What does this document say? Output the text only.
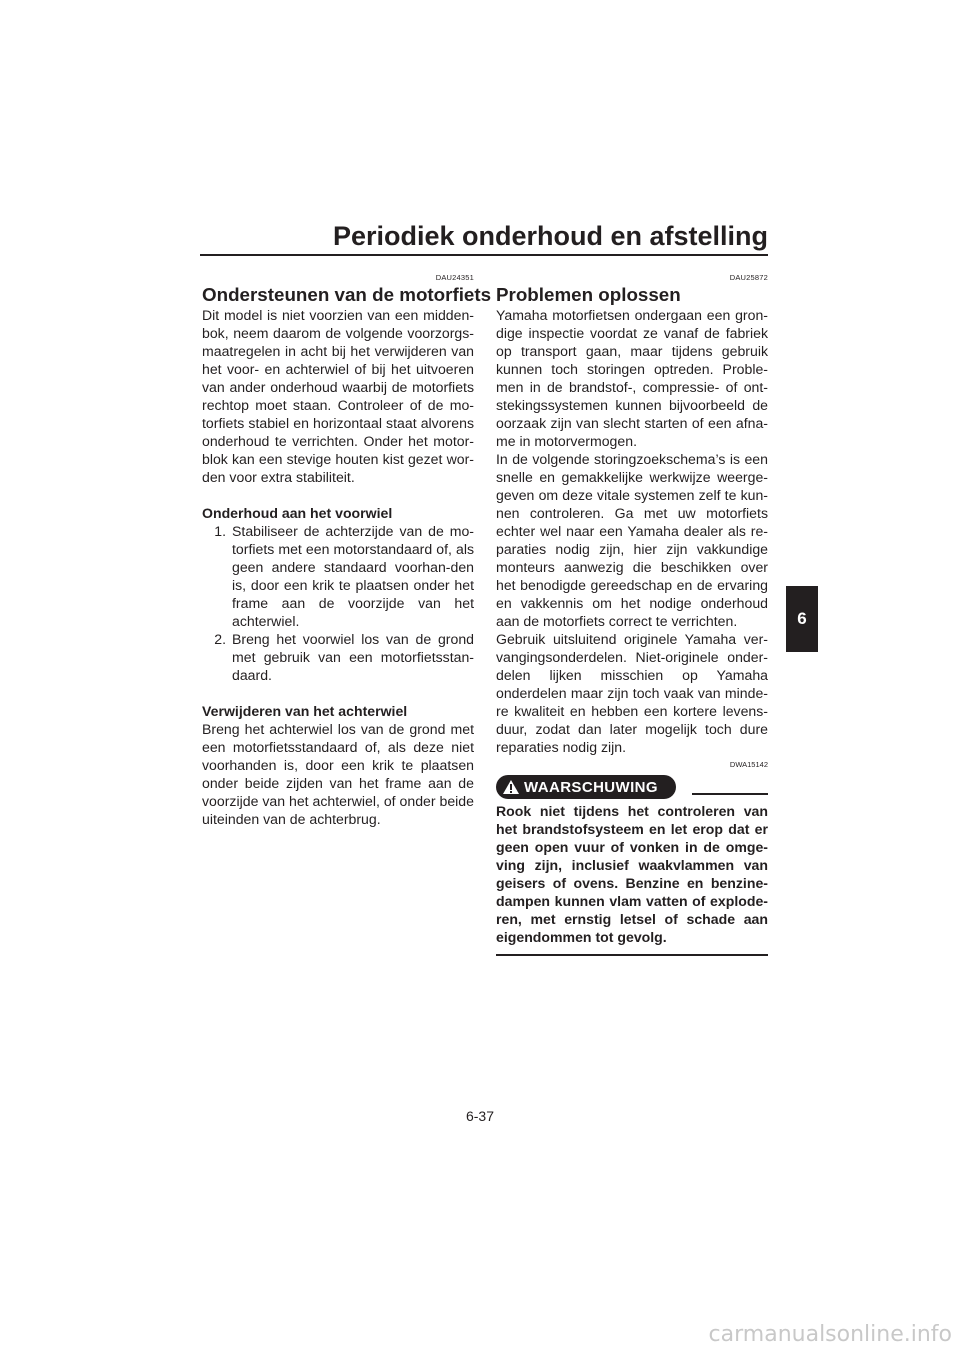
Periodiek onderhoud en afstelling
6
DAU24351
Ondersteunen van de motorfiets

Dit model is niet voorzien van een midden-bok, neem daarom de volgende voorzorgs-maatregelen in acht bij het verwijderen van het voor- en achterwiel of bij het uitvoeren van ander onderhoud waarbij de motorfiets rechtop moet staan. Controleer of de mo-torfiets stabiel en horizontaal staat alvorens onderhoud te verrichten. Onder het motor-blok kan een stevige houten kist gezet wor-den voor extra stabiliteit.

Onderhoud aan het voorwiel
1. Stabiliseer de achterzijde van de mo-torfiets met een motorstandaard of, als geen andere standaard voorhan-den is, door een krik te plaatsen onder het frame aan de voorzijde van het achterwiel.
2. Breng het voorwiel los van de grond met gebruik van een motorfietsstan-daard.
Verwijderen van het achterwiel

Breng het achterwiel los van de grond met een motorfietsstandaard of, als deze niet voorhanden is, door een krik te plaatsen onder beide zijden van het frame aan de voorzijde van het achterwiel, of onder beide uiteinden van de achterbrug.

DAU25872
Problemen oplossen

Yamaha motorfietsen ondergaan een gron-dige inspectie voordat ze vanaf de fabriek op transport gaan, maar tijdens gebruik kunnen toch storingen optreden. Proble-men in de brandstof-, compressie- of ont-stekingssystemen kunnen bijvoorbeeld de oorzaak zijn van slecht starten of een afna-me in motorvermogen.

In de volgende storingzoekschema’s is een snelle en gemakkelijke werkwijze weerge-geven om deze vitale systemen zelf te kun-nen controleren. Ga met uw motorfiets echter wel naar een Yamaha dealer als re-paraties nodig zijn, hier zijn vakkundige monteurs aanwezig die beschikken over het benodigde gereedschap en de ervaring en vakkennis om het nodige onderhoud aan de motorfiets correct te verrichten.

Gebruik uitsluitend originele Yamaha ver-vangingsonderdelen. Niet-originele onder-delen lijken misschien op Yamaha onderdelen maar zijn toch vaak van minde-re kwaliteit en hebben een kortere levens-duur, zodat dan later mogelijk toch dure reparaties nodig zijn.

DWA15142
WAARSCHUWING
Rook niet tijdens het controleren van het brandstofsysteem en let erop dat er geen open vuur of vonken in de omge-ving zijn, inclusief waakvlammen van geisers of ovens. Benzine en benzine-dampen kunnen vlam vatten of explode-ren, met ernstig letsel of schade aan eigendommen tot gevolg.
6-37
carmanualsonline.info
